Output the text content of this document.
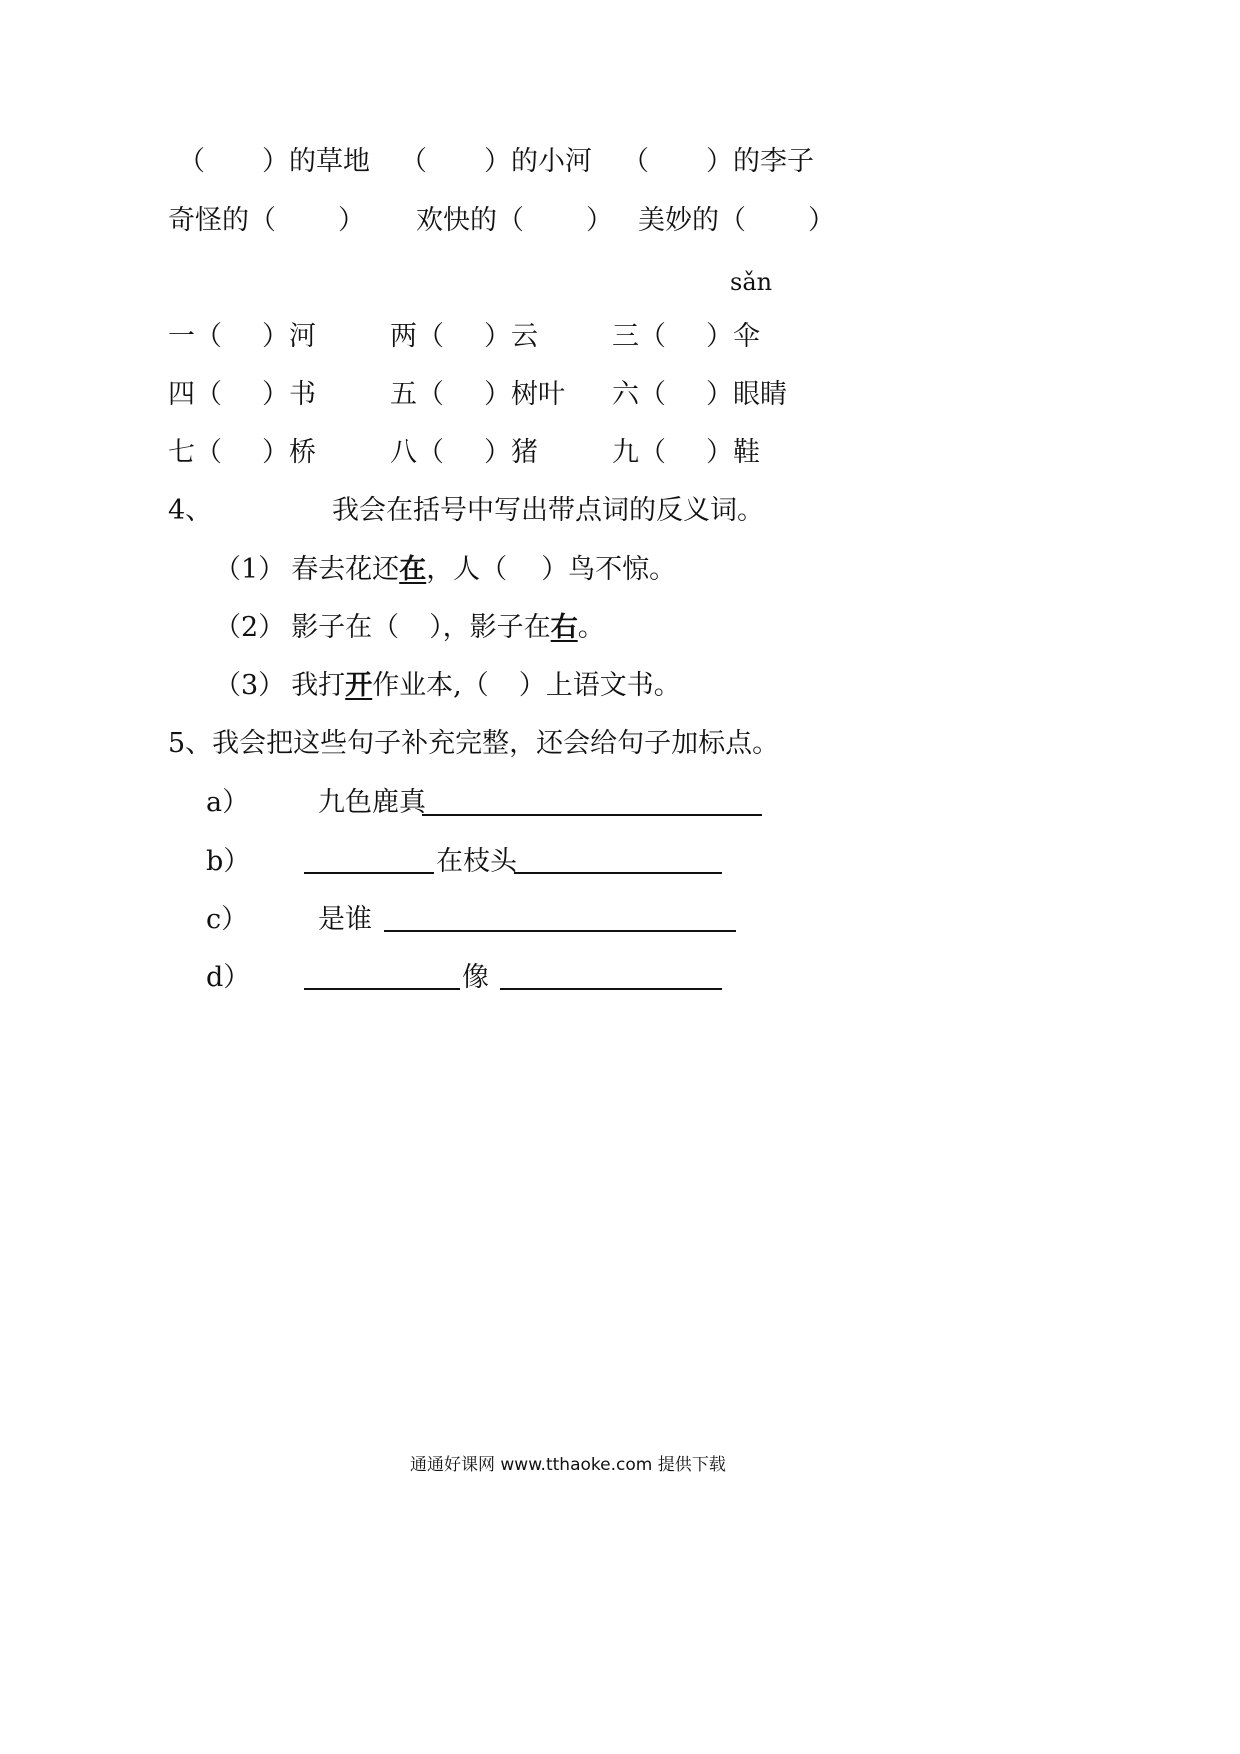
（ ）的草地 （ ）的小河 （ ）的李子
奇怪的（ ） 欢快的（ ） 美妙的（ ）
sǎn
一（ ）河	两（ ）云	三（ ）伞
四（ ）书	五（ ）树叶 六（ ）眼睛
七（ ）桥	八（ ）猪	九（ ）鞋
4、	我会在括号中写出带点词的反义词。
（1） 春去花还在，人（ ）鸟不惊。
（2） 影子在（ ），影子在右。
（3） 我打开作业本,（ ）上语文书。
5、我会把这些句子补充完整，还会给句子加标点。
a）	九色鹿真
b）	在枝头
c）	是谁
d）	像
通通好课网 www.tthaoke.com 提供下载
